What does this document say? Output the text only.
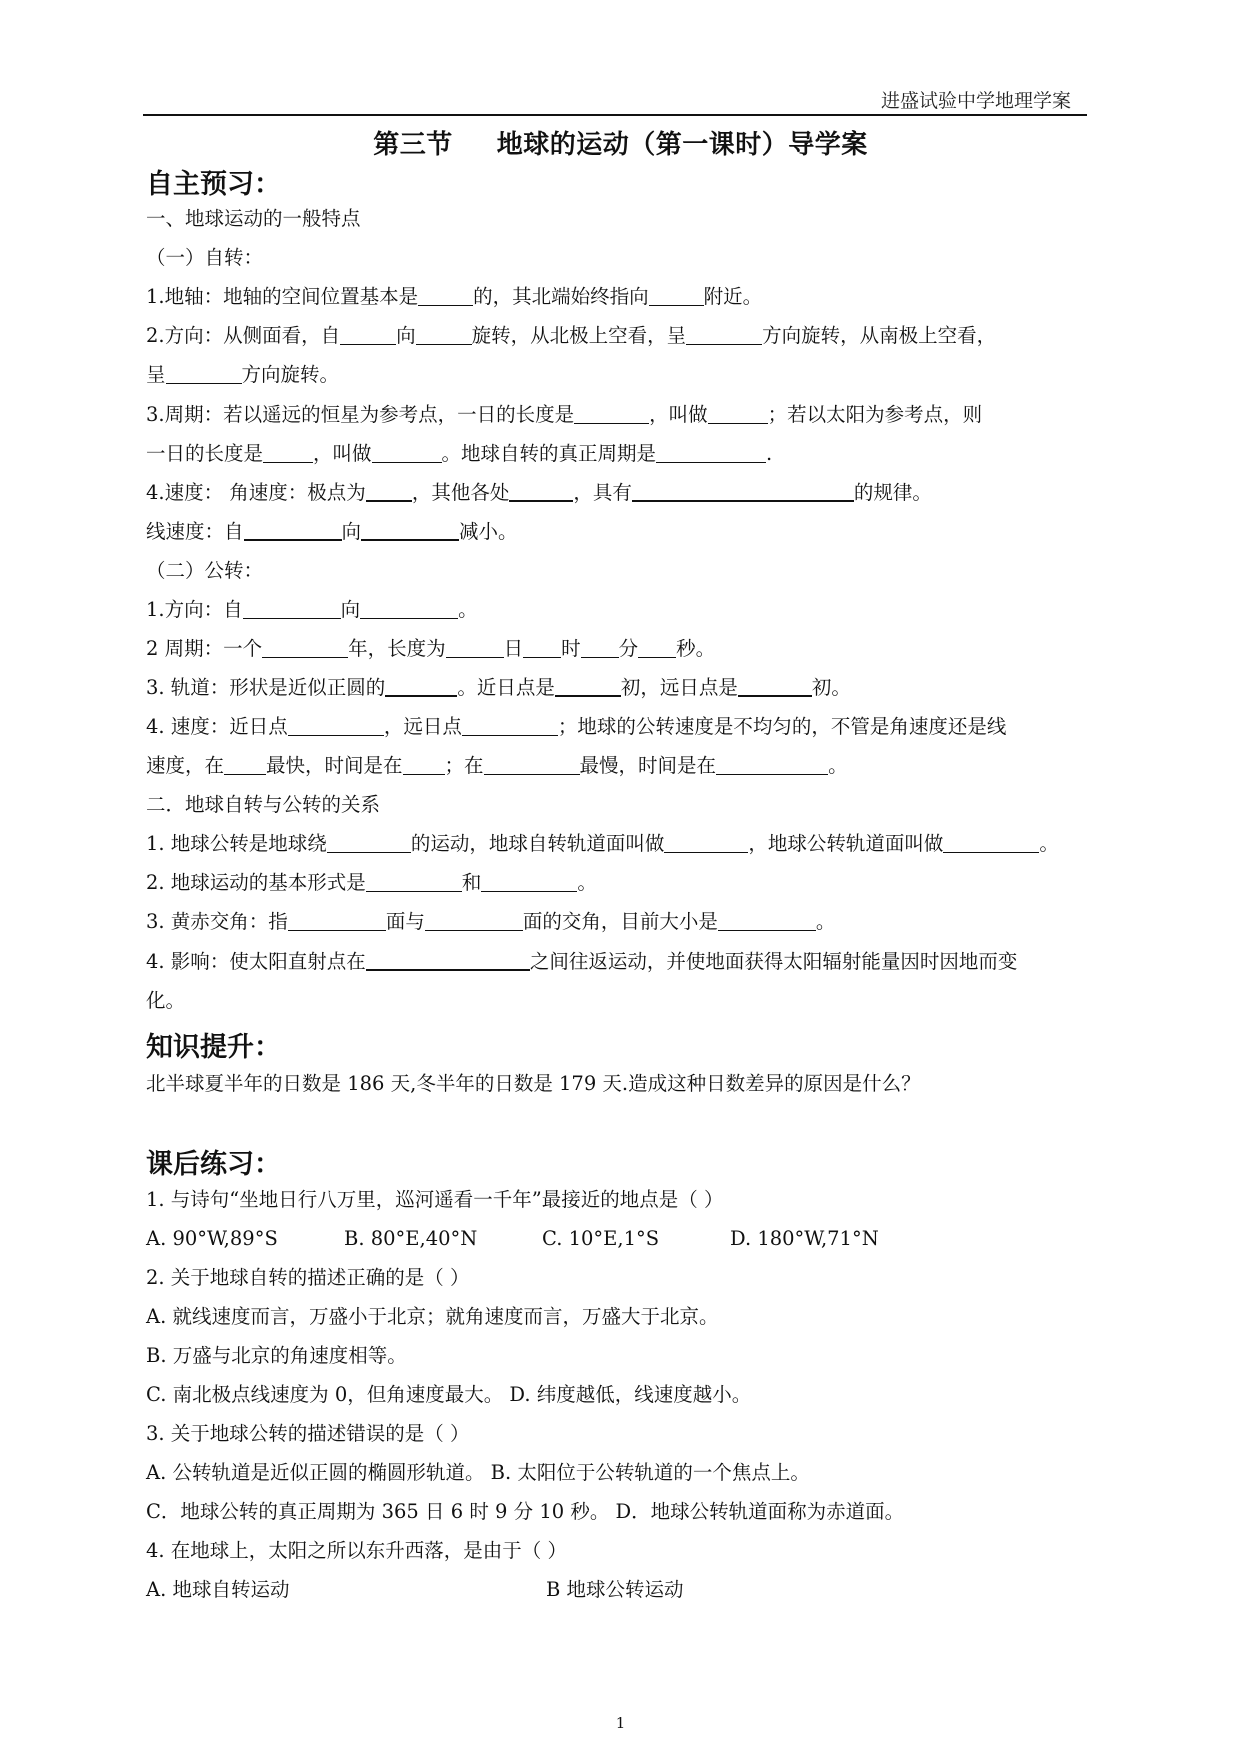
进盛试验中学地理学案
第三节 地球的运动（第一课时）导学案
自主预习：
一、地球运动的一般特点
（一）自转：
1.地轴：地轴的空间位置基本是	的，其北端始终指向	附近。
2.方向：从侧面看，自	向	旋转，从北极上空看，呈	方向旋转，从南极上空看，
呈	方向旋转。
3.周期：若以遥远的恒星为参考点，一日的长度是	，叫做	；若以太阳为参考点，则
一日的长度是	，叫做	。地球自转的真正周期是	.
4.速度： 角速度：极点为 ，其他各处	，具有	的规律。
线速度：自	向	减小。
（二）公转：
1.方向：自	向	。
2 周期：一个	年，长度为	日 时 分 秒。
3. 轨道：形状是近似正圆的	。近日点是	初，远日点是	初。
4. 速度：近日点	，远日点	；地球的公转速度是不均匀的，不管是角速度还是线
速度，在 最快，时间是在 ；在	最慢，时间是在	。
二．地球自转与公转的关系
1. 地球公转是地球绕	的运动，地球自转轨道面叫做	，地球公转轨道面叫做	。
2. 地球运动的基本形式是	和	。
3. 黄赤交角：指	面与	面的交角，目前大小是	。
4. 影响：使太阳直射点在	之间往返运动，并使地面获得太阳辐射能量因时因地而变
化。
知识提升：
北半球夏半年的日数是 186 天,冬半年的日数是 179 天.造成这种日数差异的原因是什么？
课后练习：
1. 与诗句“坐地日行八万里，巡河遥看一千年”最接近的地点是（ ）
A. 90°W,89°S	B. 80°E,40°N	C. 10°E,1°S	D. 180°W,71°N
2. 关于地球自转的描述正确的是（ ）
A. 就线速度而言，万盛小于北京；就角速度而言，万盛大于北京。
B. 万盛与北京的角速度相等。
C. 南北极点线速度为 0，但角速度最大。 D. 纬度越低，线速度越小。
3. 关于地球公转的描述错误的是（ ）
A. 公转轨道是近似正圆的椭圆形轨道。 B. 太阳位于公转轨道的一个焦点上。
C．地球公转的真正周期为 365 日 6 时 9 分 10 秒。 D．地球公转轨道面称为赤道面。
4. 在地球上，太阳之所以东升西落，是由于（ ）
A. 地球自转运动	B 地球公转运动
1
